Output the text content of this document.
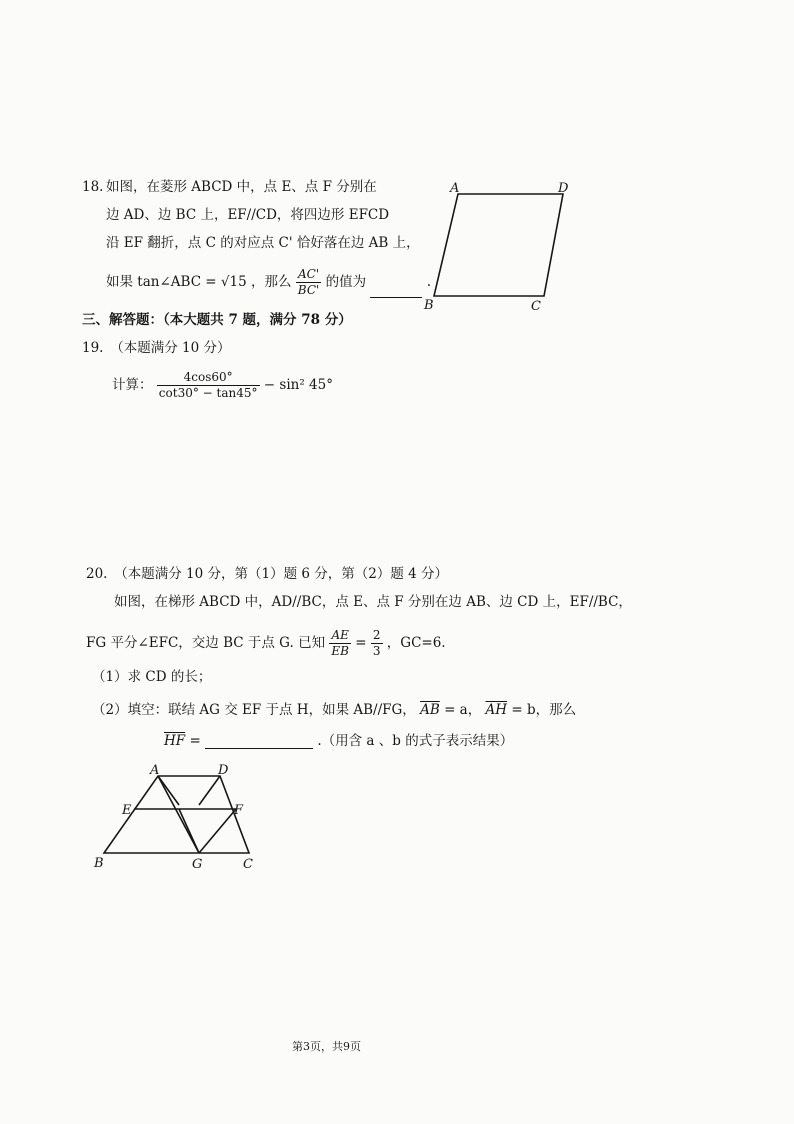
18. 如图，在菱形 ABCD 中，点 E、点 F 分别在
边 AD、边 BC 上，EF//CD，将四边形 EFCD
沿 EF 翻折，点 C 的对应点 C' 恰好落在边 AB 上，
如果 tan∠ABC = √15 ，那么 $\frac{AC'}{BC'}$ 的值为	.
A	D
B	C
三、解答题：（本大题共 7 题，满分 78 分）
19.　（本题满分 10 分）
计算： $\frac{4\cos 60^\circ}{\cot 30^\circ - \tan 45^\circ} - \sin^2$ 45°
20.　（本题满分 10 分，第（1）题 6 分，第（2）题 4 分）
如图，在梯形 ABCD 中，AD//BC，点 E、点 F 分别在边 AB、边 CD 上，EF//BC，
FG 平分∠EFC，交边 BC 于点 G. 已知 $\frac{AE}{EB} = \frac{2}{3}$ ，GC=6.
（1）求 CD 的长；
（2）填空：联结 AG 交 EF 于点 H，如果 AB//FG， $\overline{AB} = a$， $\overline{AH} = b$，那么
$\overline{HF}$ =	.（用含 a 、b 的式子表示结果）
A	D
E	F
B	G	C
第3页，共9页
